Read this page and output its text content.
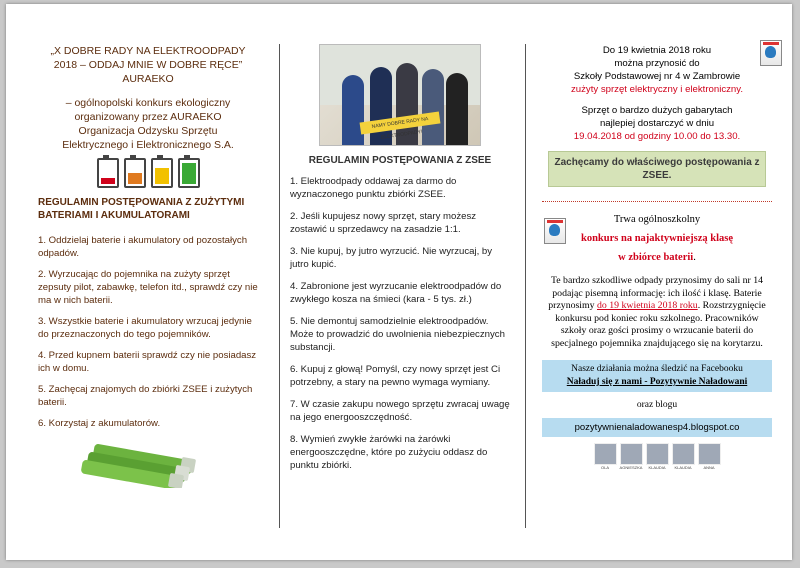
„X DOBRE RADY NA ELEKTROODPADY 2018 – ODDAJ MNIE W DOBRE RĘCE” AURAEKO

– ogólnopolski konkurs ekologiczny organizowany przez AURAEKO Organizacja Odzysku Sprzętu Elektrycznego i Elektronicznego S.A.

REGULAMIN POSTĘPOWANIA Z ZUŻYTYMI BATERIAMI I AKUMULATORAMI

1. Oddzielaj baterie i akumulatory od pozostałych odpadów.

2. Wyrzucając do pojemnika na zużyty sprzęt zepsuty pilot, zabawkę, telefon itd., sprawdź czy nie ma w nich baterii.

3. Wszystkie baterie i akumulatory wrzucaj jedynie do przeznaczonych do tego pojemników.

4. Przed kupnem baterii sprawdź czy nie posiadasz ich w domu.

5. Zachęcaj znajomych do zbiórki ZSEE i zużytych baterii.

6. Korzystaj z akumulatorów.

NAMY DOBRE RADY NA ELEKTRODPADY!

REGULAMIN POSTĘPOWANIA Z ZSEE

1. Elektroodpady oddawaj za darmo do wyznaczonego punktu zbiórki ZSEE.

2. Jeśli kupujesz nowy sprzęt, stary możesz zostawić u sprzedawcy na zasadzie 1:1.

3. Nie kupuj, by jutro wyrzucić. Nie wyrzucaj, by jutro kupić.

4. Zabronione jest wyrzucanie elektroodpadów do zwykłego kosza na śmieci (kara - 5 tys. zł.)

5. Nie demontuj samodzielnie elektroodpadów. Może to prowadzić do uwolnienia niebezpiecznych substancji.

6. Kupuj z głową! Pomyśl, czy nowy sprzęt jest Ci potrzebny, a stary na pewno wymaga wymiany.

7. W czasie zakupu nowego sprzętu zwracaj uwagę na jego energooszczędność.

8. Wymień zwykłe żarówki na żarówki energooszczędne, które po zużyciu oddasz do punktu zbiórki.

Do 19 kwietnia 2018 roku

można przynosić do

Szkoły Podstawowej nr 4 w Zambrowie

zużyty sprzęt elektryczny i elektroniczny.

Sprzęt o bardzo dużych gabarytach najlepiej dostarczyć w dniu

19.04.2018 od godziny 10.00 do 13.30.

Zachęcamy do właściwego postępowania z ZSEE.

Trwa ogólnoszkolny

konkurs na najaktywniejszą klasę

w zbiórce baterii.

Te bardzo szkodliwe odpady przynosimy do sali nr 14 podając pisemną informację: ich ilość i klasę. Baterie przynosimy do 19 kwietnia 2018 roku. Rozstrzygnięcie konkursu pod koniec roku szkolnego. Pracowników szkoły oraz gości prosimy o wrzucanie baterii do specjalnego pojemnika znajdującego się na korytarzu.

Nasze działania można śledzić na Facebooku
Naładuj się z nami - Pozytywnie Naładowani

oraz blogu

pozytywnienaladowanesp4.blogspot.co
OLA	AGNIESZKA	KLAUDIA	KLAUDIA	ANNA
